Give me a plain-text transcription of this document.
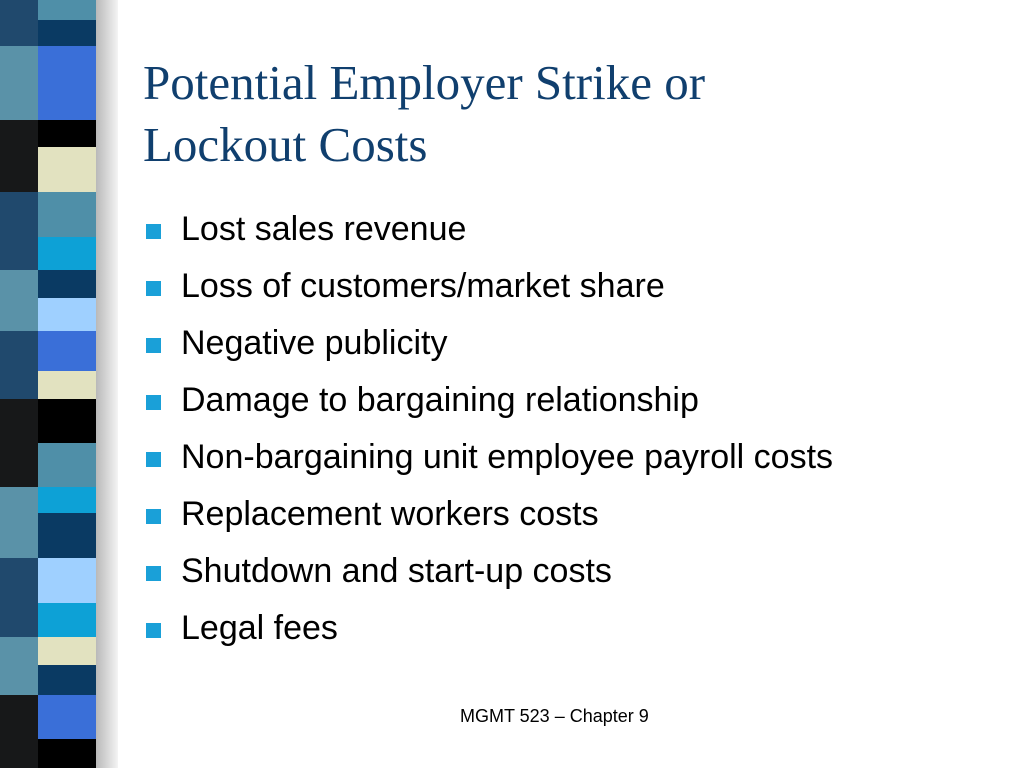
Potential Employer Strike or
Lockout Costs
Lost sales revenue
Loss of customers/market share
Negative publicity
Damage to bargaining relationship
Non-bargaining unit employee payroll costs
Replacement workers costs
Shutdown and start-up costs
Legal fees
MGMT 523 – Chapter 9
